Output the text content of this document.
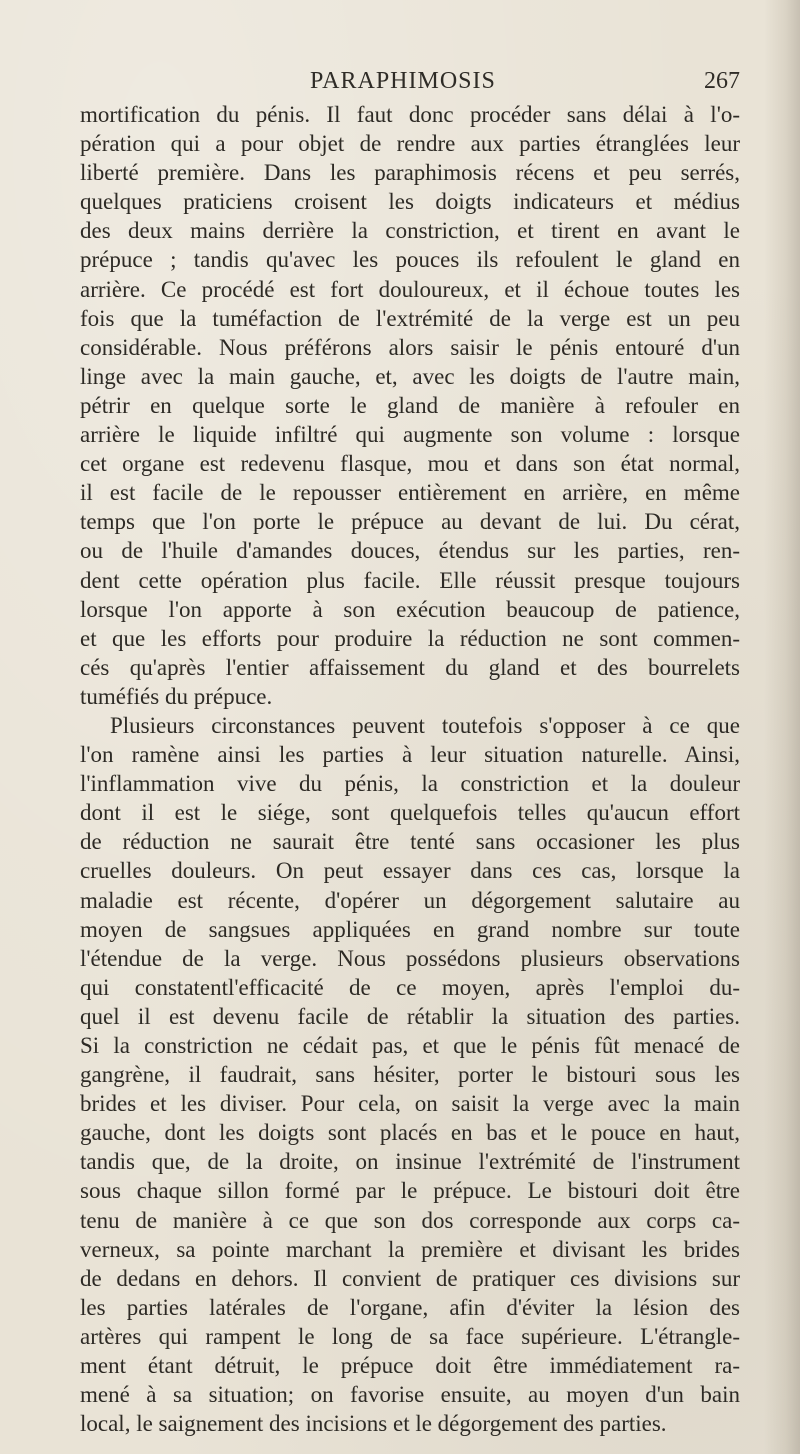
PARAPHIMOSIS	267
mortification du pénis. Il faut donc procéder sans délai à l'o-
pération qui a pour objet de rendre aux parties étranglées leur
liberté première. Dans les paraphimosis récens et peu serrés,
quelques praticiens croisent les doigts indicateurs et médius
des deux mains derrière la constriction, et tirent en avant le
prépuce ; tandis qu'avec les pouces ils refoulent le gland en
arrière. Ce procédé est fort douloureux, et il échoue toutes les
fois que la tuméfaction de l'extrémité de la verge est un peu
considérable. Nous préférons alors saisir le pénis entouré d'un
linge avec la main gauche, et, avec les doigts de l'autre main,
pétrir en quelque sorte le gland de manière à refouler en
arrière le liquide infiltré qui augmente son volume : lorsque
cet organe est redevenu flasque, mou et dans son état normal,
il est facile de le repousser entièrement en arrière, en même
temps que l'on porte le prépuce au devant de lui. Du cérat,
ou de l'huile d'amandes douces, étendus sur les parties, ren-
dent cette opération plus facile. Elle réussit presque toujours
lorsque l'on apporte à son exécution beaucoup de patience,
et que les efforts pour produire la réduction ne sont commen-
cés qu'après l'entier affaissement du gland et des bourrelets
tuméfiés du prépuce.
Plusieurs circonstances peuvent toutefois s'opposer à ce que
l'on ramène ainsi les parties à leur situation naturelle. Ainsi,
l'inflammation vive du pénis, la constriction et la douleur
dont il est le siége, sont quelquefois telles qu'aucun effort
de réduction ne saurait être tenté sans occasioner les plus
cruelles douleurs. On peut essayer dans ces cas, lorsque la
maladie est récente, d'opérer un dégorgement salutaire au
moyen de sangsues appliquées en grand nombre sur toute
l'étendue de la verge. Nous possédons plusieurs observations
qui constatentl'efficacité de ce moyen, après l'emploi du-
quel il est devenu facile de rétablir la situation des parties.
Si la constriction ne cédait pas, et que le pénis fût menacé de
gangrène, il faudrait, sans hésiter, porter le bistouri sous les
brides et les diviser. Pour cela, on saisit la verge avec la main
gauche, dont les doigts sont placés en bas et le pouce en haut,
tandis que, de la droite, on insinue l'extrémité de l'instrument
sous chaque sillon formé par le prépuce. Le bistouri doit être
tenu de manière à ce que son dos corresponde aux corps ca-
verneux, sa pointe marchant la première et divisant les brides
de dedans en dehors. Il convient de pratiquer ces divisions sur
les parties latérales de l'organe, afin d'éviter la lésion des
artères qui rampent le long de sa face supérieure. L'étrangle-
ment étant détruit, le prépuce doit être immédiatement ra-
mené à sa situation; on favorise ensuite, au moyen d'un bain
local, le saignement des incisions et le dégorgement des parties.
